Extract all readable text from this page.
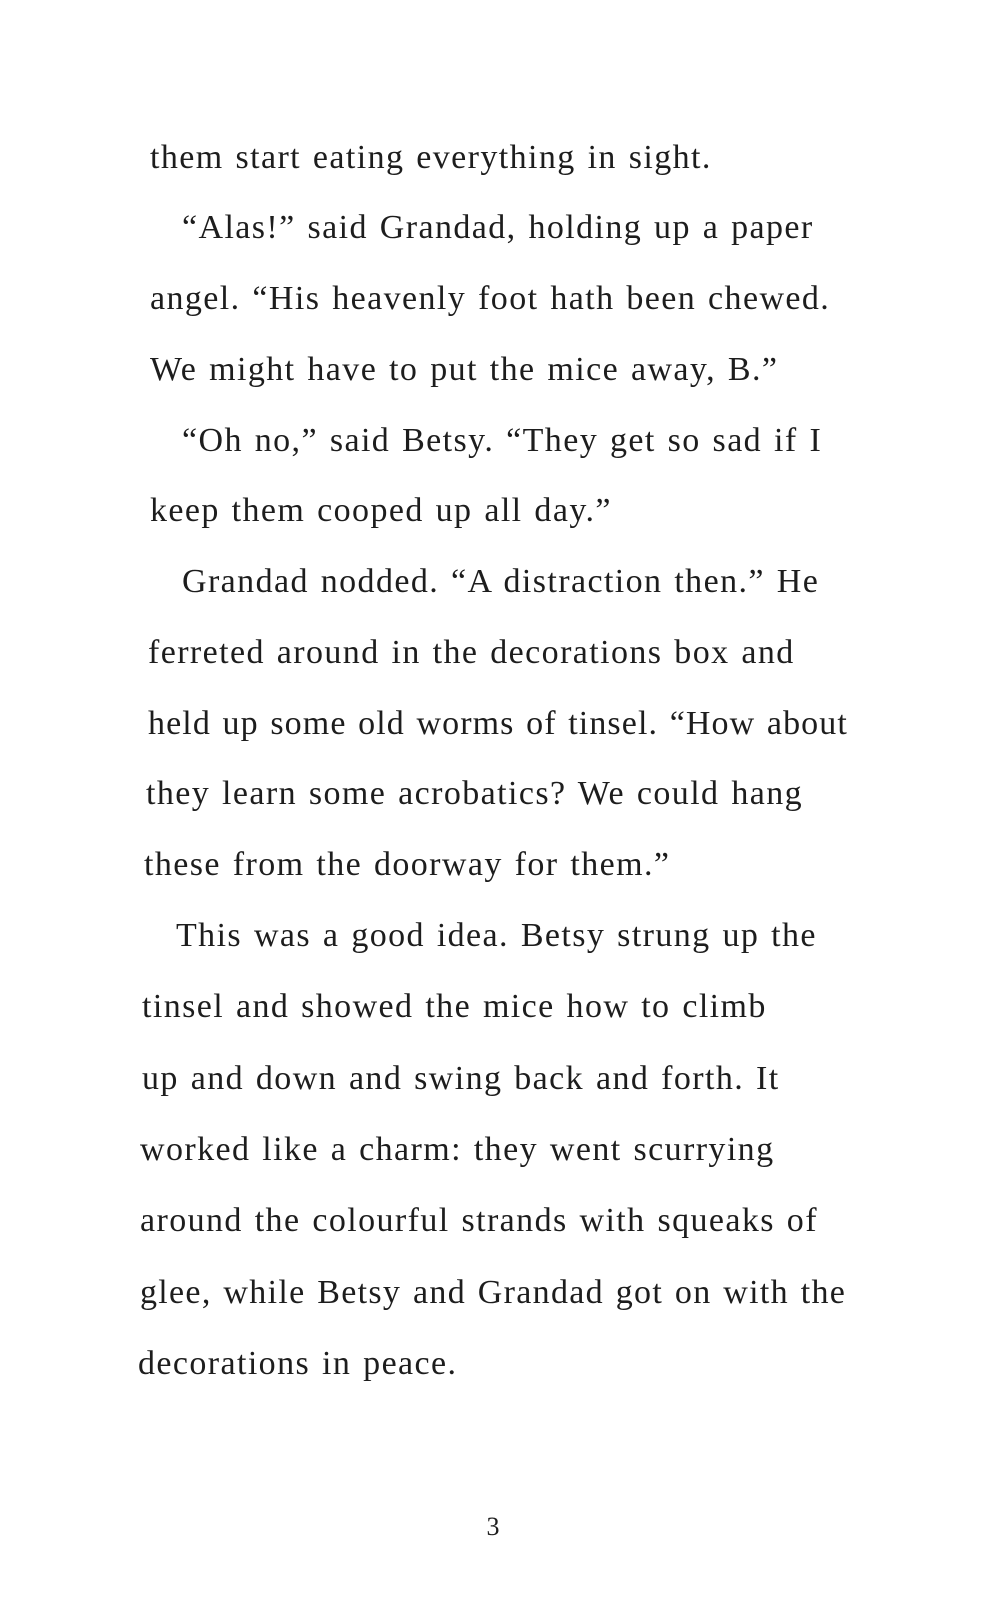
them start eating everything in sight.
“Alas!” said Grandad, holding up a paper
angel. “His heavenly foot hath been chewed.
We might have to put the mice away, B.”
“Oh no,” said Betsy. “They get so sad if I
keep them cooped up all day.”
Grandad nodded. “A distraction then.” He
ferreted around in the decorations box and
held up some old worms of tinsel. “How about
they learn some acrobatics? We could hang
these from the doorway for them.”
This was a good idea. Betsy strung up the
tinsel and showed the mice how to climb
up and down and swing back and forth. It
worked like a charm: they went scurrying
around the colourful strands with squeaks of
glee, while Betsy and Grandad got on with the
decorations in peace.
3
